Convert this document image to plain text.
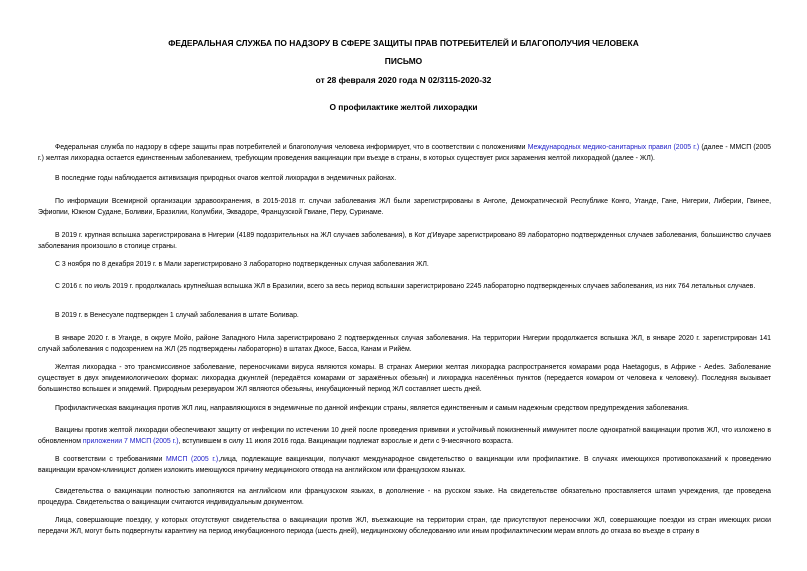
ФЕДЕРАЛЬНАЯ СЛУЖБА ПО НАДЗОРУ В СФЕРЕ ЗАЩИТЫ ПРАВ ПОТРЕБИТЕЛЕЙ И БЛАГОПОЛУЧИЯ ЧЕЛОВЕКА
ПИСЬМО
от 28 февраля 2020 года N 02/3115-2020-32
О профилактике желтой лихорадки
Федеральная служба по надзору в сфере защиты прав потребителей и благополучия человека информирует, что в соответствии с положениями Международных медико-санитарных правил (2005 г.) (далее - ММСП (2005 г.) желтая лихорадка остается единственным заболеванием, требующим проведения вакцинации при въезде в страны, в которых существует риск заражения желтой лихорадкой (далее - ЖЛ).
В последние годы наблюдается активизация природных очагов желтой лихорадки в эндемичных районах.
По информации Всемирной организации здравоохранения, в 2015-2018 гг. случаи заболевания ЖЛ были зарегистрированы в Анголе, Демократической Республике Конго, Уганде, Гане, Нигерии, Либерии, Гвинее, Эфиопии, Южном Судане, Боливии, Бразилии, Колумбии, Эквадоре, Французской Гвиане, Перу, Суринаме.
В 2019 г. крупная вспышка зарегистрирована в Нигерии (4189 подозрительных на ЖЛ случаев заболевания), в Кот д'Ивуаре зарегистрировано 89 лабораторно подтвержденных случаев заболевания, большинство случаев заболевания произошло в столице страны.
С 3 ноября по 8 декабря 2019 г. в Мали зарегистрировано 3 лабораторно подтвержденных случая заболевания ЖЛ.
С 2016 г. по июль 2019 г. продолжалась крупнейшая вспышка ЖЛ в Бразилии, всего за весь период вспышки зарегистрировано 2245 лабораторно подтвержденных случаев заболевания, из них 764 летальных случаев.
В 2019 г. в Венесуэле подтвержден 1 случай заболевания в штате Боливар.
В январе 2020 г. в Уганде, в округе Мойо, районе Западного Нила зарегистрировано 2 подтвержденных случая заболевания. На территории Нигерии продолжается вспышка ЖЛ, в январе 2020 г. зарегистрирован 141 случай заболевания с подозрением на ЖЛ (25 подтверждены лабораторно) в штатах Джосе, Басса, Канам и Рийём.
Желтая лихорадка - это трансмиссивное заболевание, переносчиками вируса являются комары. В странах Америки желтая лихорадка распространяется комарами рода Haetagogus, в Африке - Aedes. Заболевание существует в двух эпидемиологических формах: лихорадка джунглей (передаётся комарами от заражённых обезьян) и лихорадка населённых пунктов (передается комаром от человека к человеку). Последняя вызывает большинство вспышек и эпидемий. Природным резервуаром ЖЛ являются обезьяны, инкубационный период ЖЛ составляет шесть дней.
Профилактическая вакцинация против ЖЛ лиц, направляющихся в эндемичные по данной инфекции страны, является единственным и самым надежным средством предупреждения заболевания.
Вакцины против желтой лихорадки обеспечивают защиту от инфекции по истечении 10 дней после проведения прививки и устойчивый пожизненный иммунитет после однократной вакцинации против ЖЛ, что изложено в обновленном приложении 7 ММСП (2005 г.), вступившем в силу 11 июля 2016 года. Вакцинации подлежат взрослые и дети с 9-месячного возраста.
В соответствии с требованиями ММСП (2005 г.),лица, подлежащие вакцинации, получают международное свидетельство о вакцинации или профилактике. В случаях имеющихся противопоказаний к проведению вакцинации врачом-клиницист должен изложить имеющуюся причину медицинского отвода на английском или французском языках.
Свидетельства о вакцинации полностью заполняются на английском или французском языках, в дополнение - на русском языке. На свидетельстве обязательно проставляется штамп учреждения, где проведена процедура. Свидетельства о вакцинации считаются индивидуальным документом.
Лица, совершающие поездку, у которых отсутствуют свидетельства о вакцинации против ЖЛ, въезжающие на территории стран, где присутствуют переносчики ЖЛ, совершающие поездки из стран имеющих риски передачи ЖЛ, могут быть подвергнуты карантину на период инкубационного периода (шесть дней), медицинскому обследованию или иным профилактическим мерам вплоть до отказа во въезде в страну в
